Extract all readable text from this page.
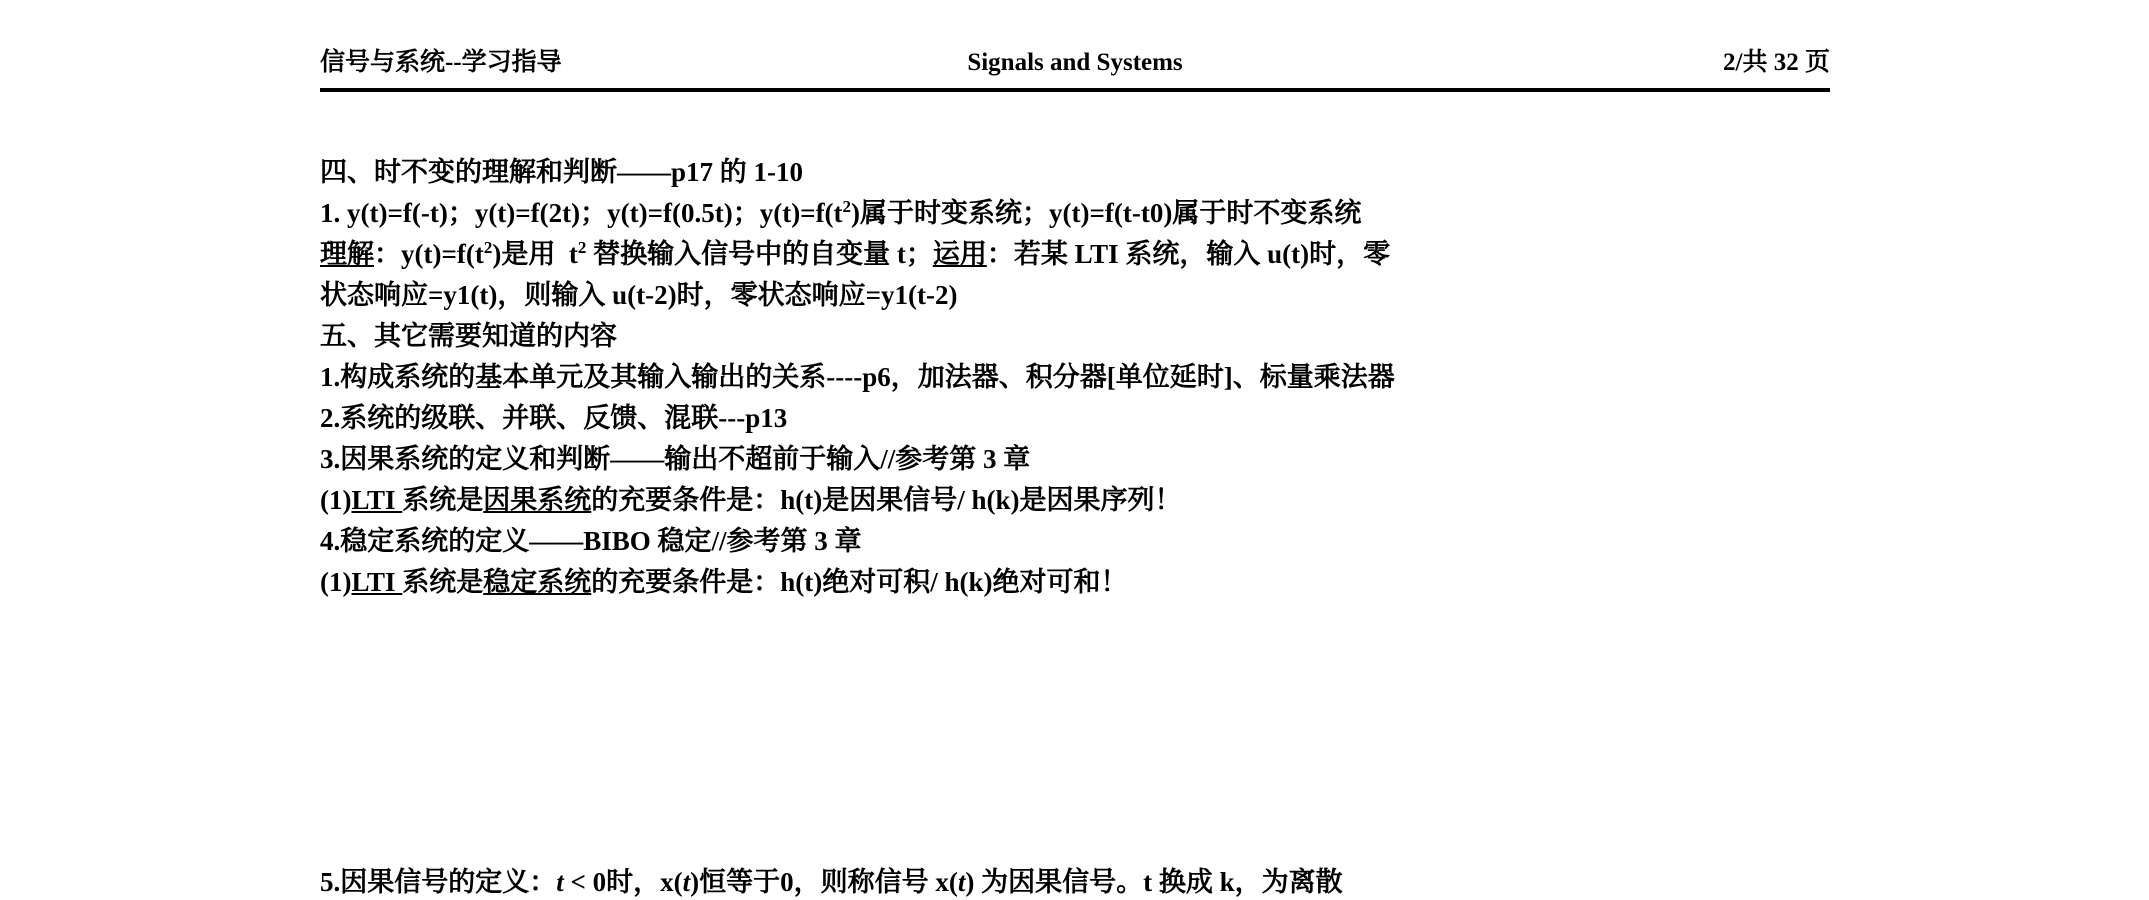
信号与系统--学习指导	Signals and Systems	2/共 32 页
四、时不变的理解和判断——p17 的 1-10
1. y(t)=f(-t)；y(t)=f(2t)；y(t)=f(0.5t)；$y(t)=f(t^2)$属于时变系统；y(t)=f(t-t0)属于时不变系统
理解：$y(t)=f(t^2)$是用  $t^2$ 替换输入信号中的自变量 t；运用：若某 LTI 系统，输入 u(t)时，零
状态响应=y1(t)，则输入 u(t-2)时，零状态响应=y1(t-2)
五、其它需要知道的内容
1.构成系统的基本单元及其输入输出的关系----p6，加法器、积分器[单位延时]、标量乘法器
2.系统的级联、并联、反馈、混联---p13
3.因果系统的定义和判断——输出不超前于输入//参考第 3 章
(1)LTI 系统是因果系统的充要条件是：h(t)是因果信号/ h(k)是因果序列！
4.稳定系统的定义——BIBO 稳定//参考第 3 章
(1)LTI 系统是稳定系统的充要条件是：h(t)绝对可积/ h(k)绝对可和！
5.因果信号的定义：t < 0时，x(t)恒等于0，则称信号 x(t) 为因果信号。t 换成 k，为离散
